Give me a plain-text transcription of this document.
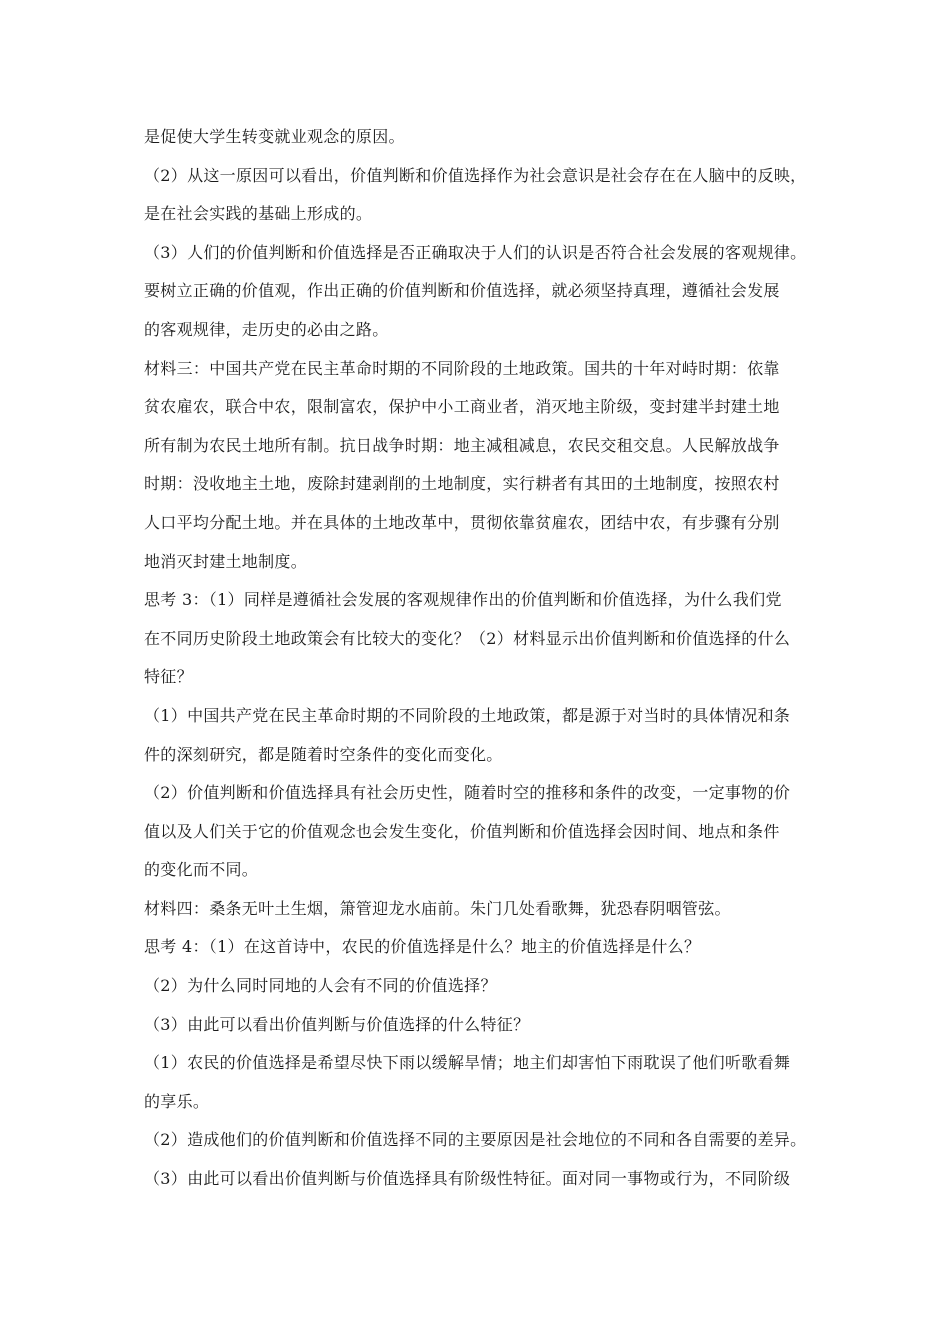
是促使大学生转变就业观念的原因。
（2）从这一原因可以看出，价值判断和价值选择作为社会意识是社会存在在人脑中的反映，
是在社会实践的基础上形成的。
（3）人们的价值判断和价值选择是否正确取决于人们的认识是否符合社会发展的客观规律。
要树立正确的价值观，作出正确的价值判断和价值选择，就必须坚持真理，遵循社会发展
的客观规律，走历史的必由之路。
材料三：中国共产党在民主革命时期的不同阶段的土地政策。国共的十年对峙时期：依靠
贫农雇农，联合中农，限制富农，保护中小工商业者，消灭地主阶级，变封建半封建土地
所有制为农民土地所有制。抗日战争时期：地主减租减息，农民交租交息。人民解放战争
时期：没收地主土地，废除封建剥削的土地制度，实行耕者有其田的土地制度，按照农村
人口平均分配土地。并在具体的土地改革中，贯彻依靠贫雇农，团结中农，有步骤有分别
地消灭封建土地制度。
思考 3：（1）同样是遵循社会发展的客观规律作出的价值判断和价值选择，为什么我们党
在不同历史阶段土地政策会有比较大的变化？（2）材料显示出价值判断和价值选择的什么
特征？
（1）中国共产党在民主革命时期的不同阶段的土地政策，都是源于对当时的具体情况和条
件的深刻研究，都是随着时空条件的变化而变化。
（2）价值判断和价值选择具有社会历史性，随着时空的推移和条件的改变，一定事物的价
值以及人们关于它的价值观念也会发生变化，价值判断和价值选择会因时间、地点和条件
的变化而不同。
材料四：桑条无叶土生烟，箫管迎龙水庙前。朱门几处看歌舞，犹恐春阴咽管弦。
思考 4：（1）在这首诗中，农民的价值选择是什么？地主的价值选择是什么？
（2）为什么同时同地的人会有不同的价值选择？
（3）由此可以看出价值判断与价值选择的什么特征？
（1）农民的价值选择是希望尽快下雨以缓解旱情；地主们却害怕下雨耽误了他们听歌看舞
的享乐。
（2）造成他们的价值判断和价值选择不同的主要原因是社会地位的不同和各自需要的差异。
（3）由此可以看出价值判断与价值选择具有阶级性特征。面对同一事物或行为，不同阶级
